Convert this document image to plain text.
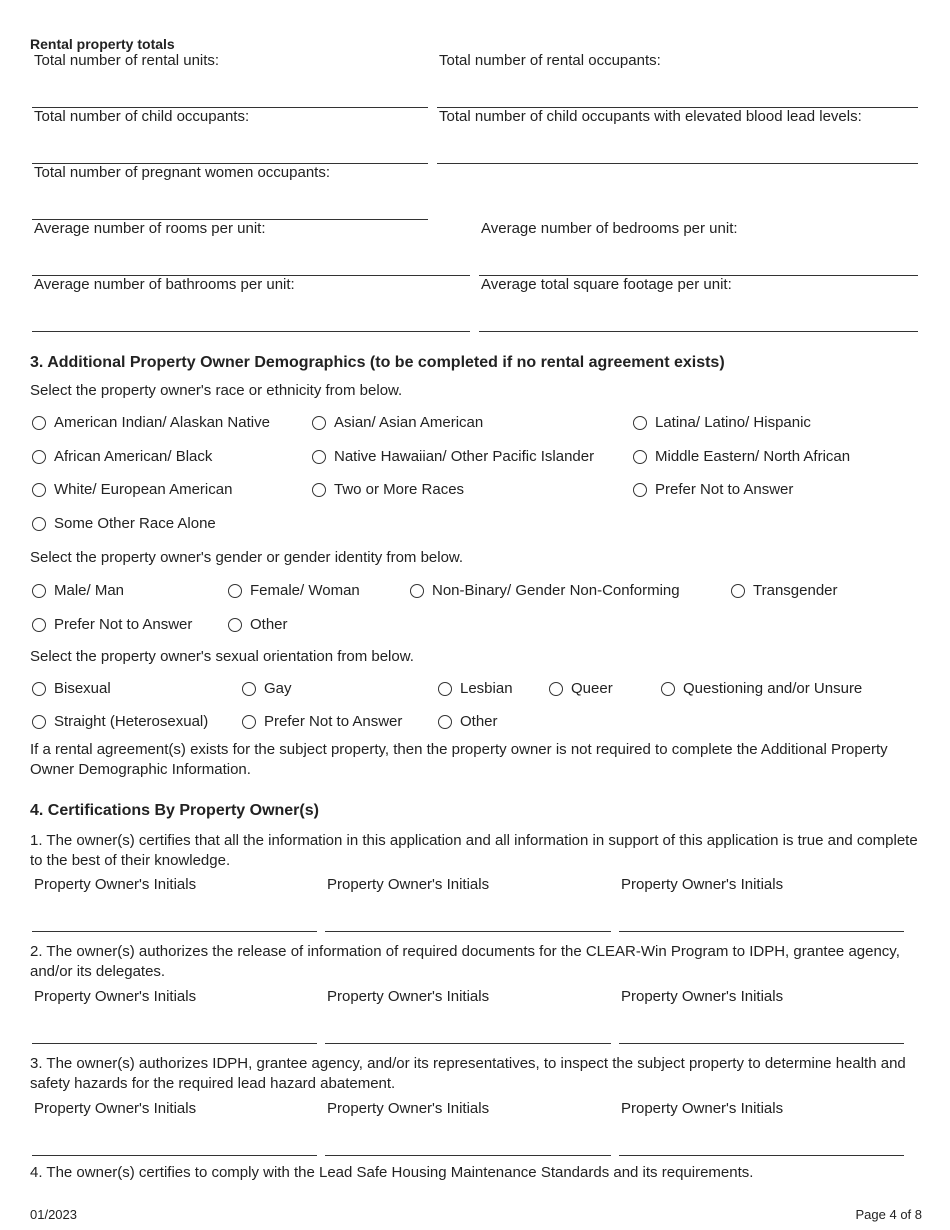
Rental property totals
Total number of rental units:	Total number of rental occupants:
Total number of child occupants:	Total number of child occupants with elevated blood lead levels:
Total number of pregnant women occupants:
Average number of rooms per unit:	Average number of bedrooms per unit:
Average number of bathrooms per unit:	Average total square footage per unit:
3. Additional Property Owner Demographics (to be completed if no rental agreement exists)
Select the property owner's race or ethnicity from below.
American Indian/ Alaskan Native	Asian/ Asian American	Latina/ Latino/ Hispanic
African American/ Black	Native Hawaiian/ Other Pacific Islander	Middle Eastern/ North African
White/ European American	Two or More Races	Prefer Not to Answer
Some Other Race Alone
Select the property owner's gender or gender identity from below.
Male/ Man	Female/ Woman	Non-Binary/ Gender Non-Conforming	Transgender
Prefer Not to Answer	Other
Select the property owner's sexual orientation from below.
Bisexual	Gay	Lesbian	Queer	Questioning and/or Unsure
Straight (Heterosexual)	Prefer Not to Answer	Other
If a rental agreement(s) exists for the subject property, then the property owner is not required to complete the Additional Property Owner Demographic Information.
4. Certifications By Property Owner(s)
1. The owner(s) certifies that all the information in this application and all information in support of this application is true and complete to the best of their knowledge.
Property Owner's Initials	Property Owner's Initials	Property Owner's Initials
2. The owner(s) authorizes the release of information of required documents for the CLEAR-Win Program to IDPH, grantee agency, and/or its delegates.
Property Owner's Initials	Property Owner's Initials	Property Owner's Initials
3. The owner(s) authorizes IDPH, grantee agency, and/or its representatives, to inspect the subject property to determine health and safety hazards for the required lead hazard abatement.
Property Owner's Initials	Property Owner's Initials	Property Owner's Initials
4. The owner(s) certifies to comply with the Lead Safe Housing Maintenance Standards and its requirements.
01/2023	Page 4 of 8
